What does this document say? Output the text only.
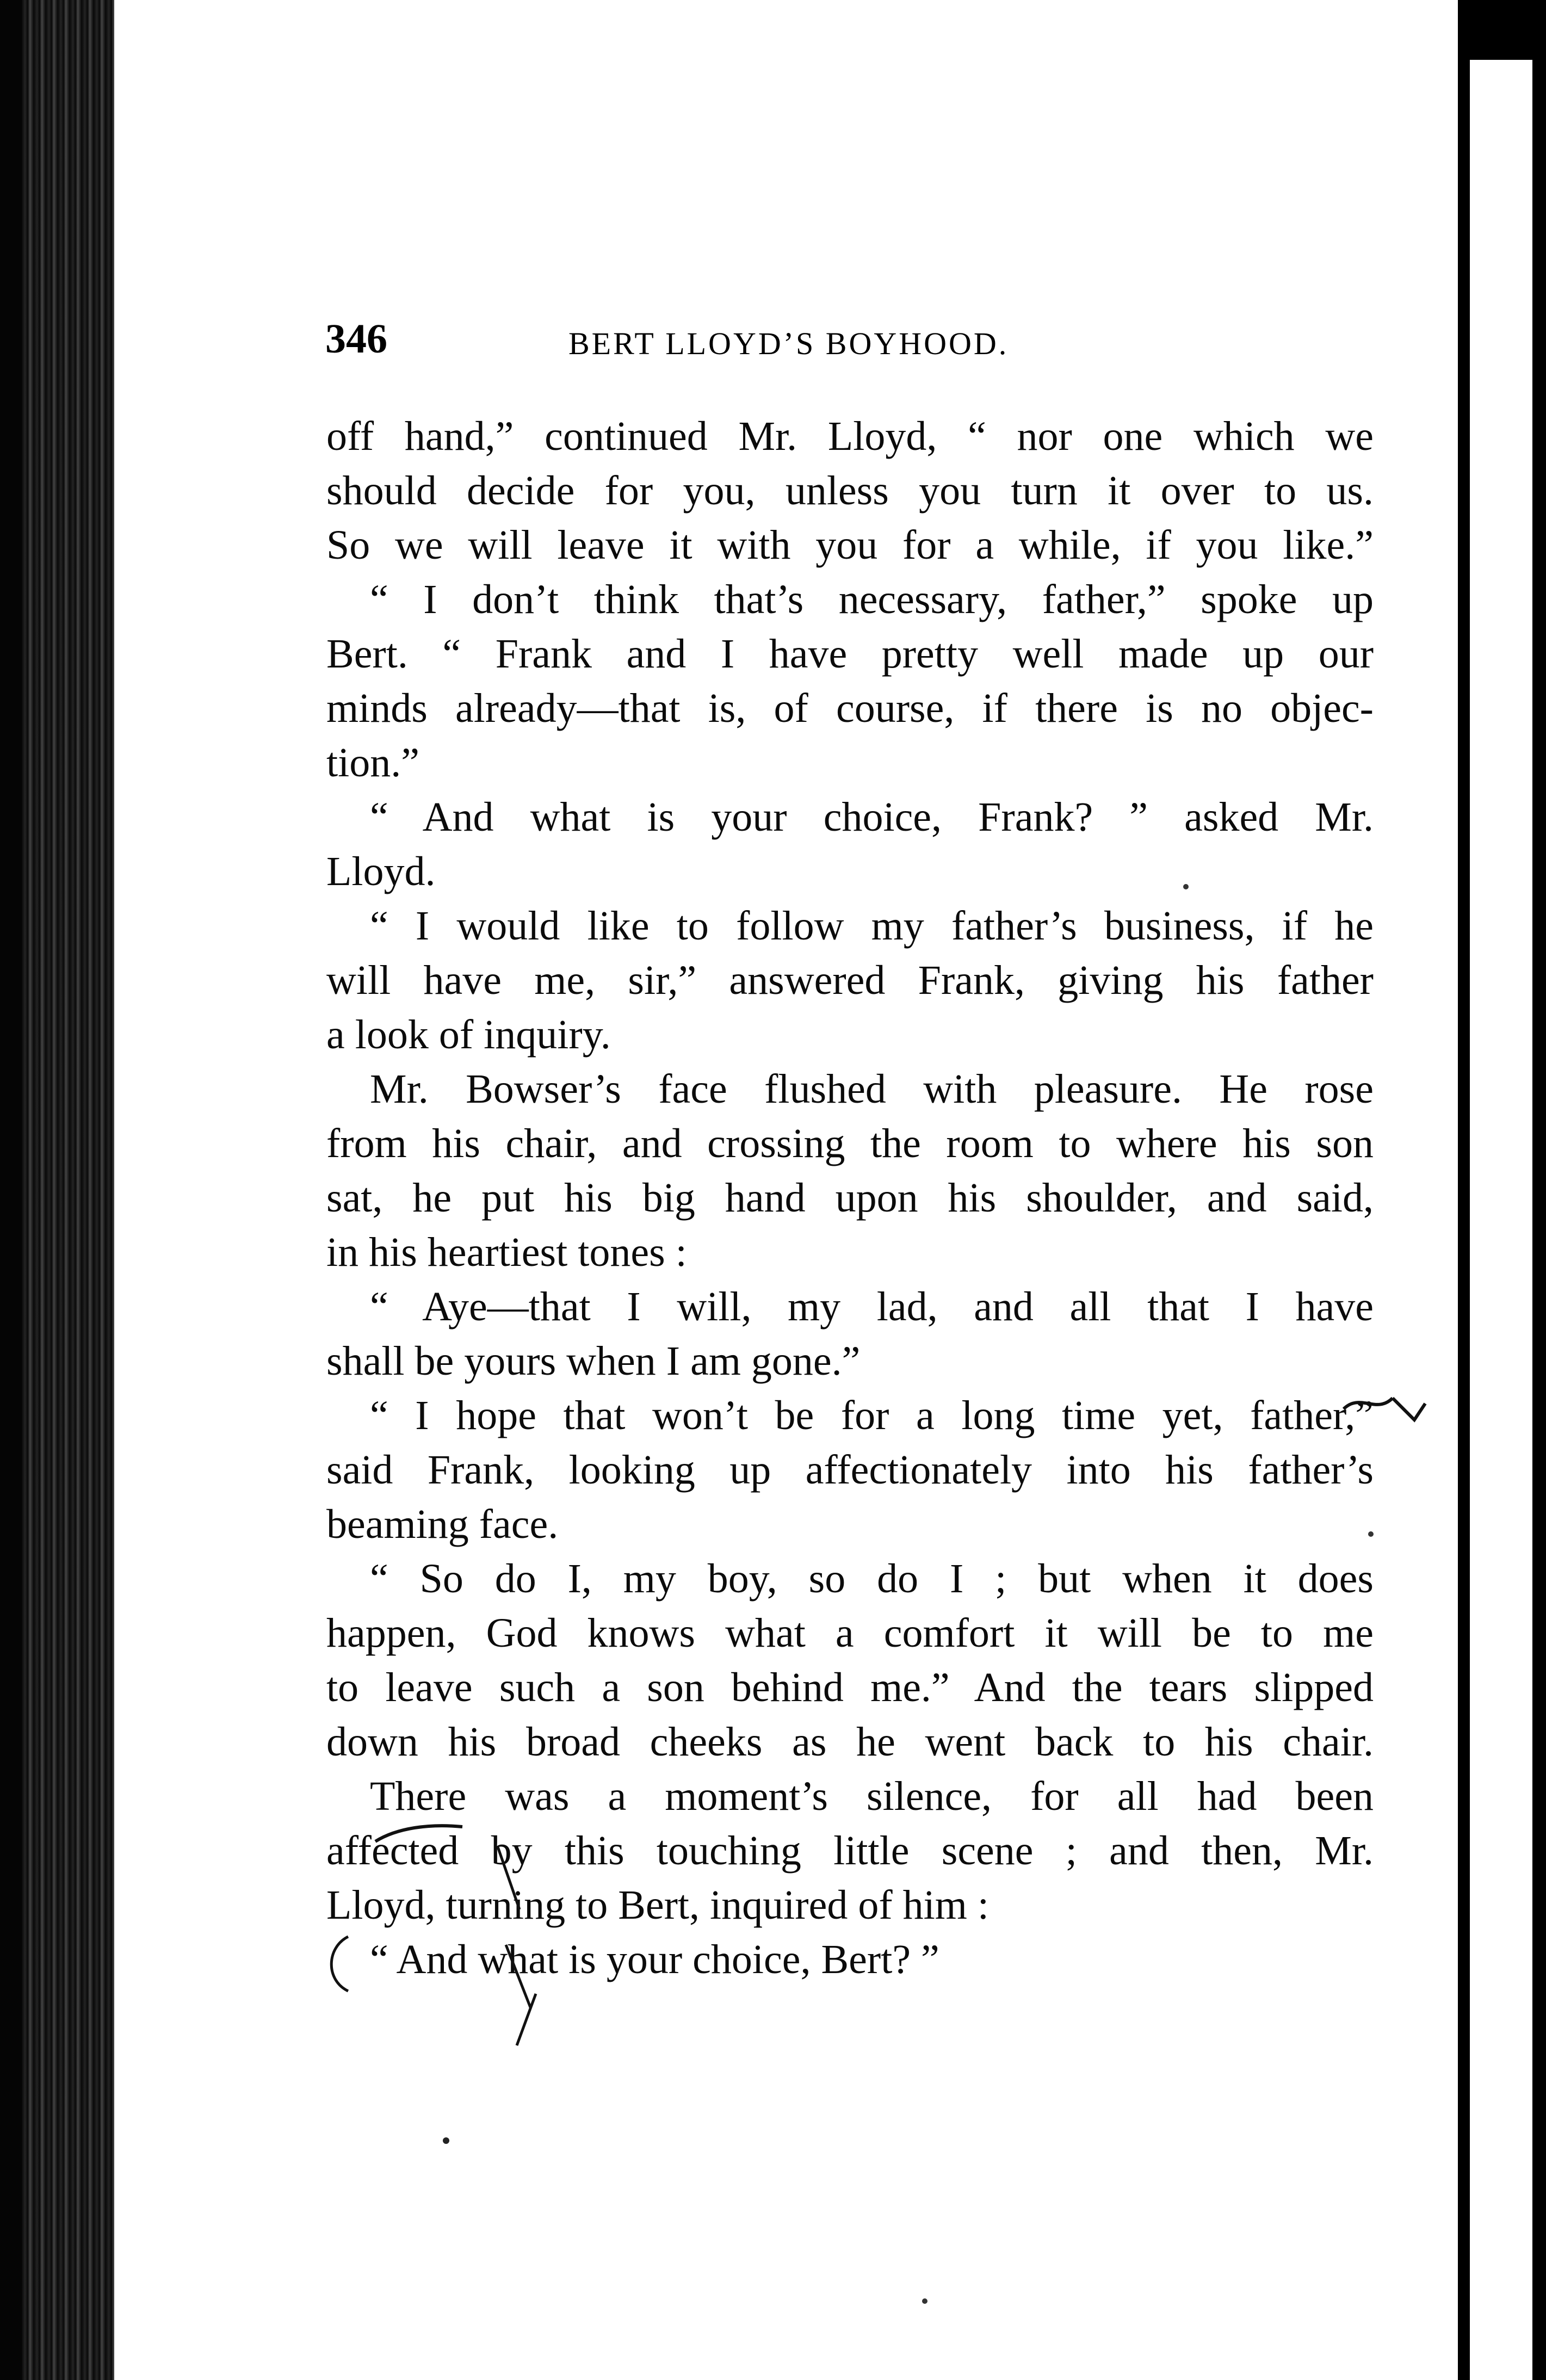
346	BERT LLOYD’S BOYHOOD.
off hand,” continued Mr. Lloyd, “ nor one which we
should decide for you, unless you turn it over to us.
So we will leave it with you for a while, if you like.”
“ I don’t think that’s necessary, father,” spoke up
Bert. “ Frank and I have pretty well made up our
minds already—that is, of course, if there is no objec-
tion.”
“ And what is your choice, Frank? ” asked Mr.
Lloyd.
“ I would like to follow my father’s business, if he
will have me, sir,” answered Frank, giving his father
a look of inquiry.
Mr. Bowser’s face flushed with pleasure. He rose
from his chair, and crossing the room to where his son
sat, he put his big hand upon his shoulder, and said,
in his heartiest tones :
“ Aye—that I will, my lad, and all that I have
shall be yours when I am gone.”
“ I hope that won’t be for a long time yet, father,”
said Frank, looking up affectionately into his father’s
beaming face.
“ So do I, my boy, so do I ; but when it does
happen, God knows what a comfort it will be to me
to leave such a son behind me.” And the tears slipped
down his broad cheeks as he went back to his chair.
There was a moment’s silence, for all had been
affected by this touching little scene ; and then, Mr.
Lloyd, turning to Bert, inquired of him :
“ And what is your choice, Bert? ”
